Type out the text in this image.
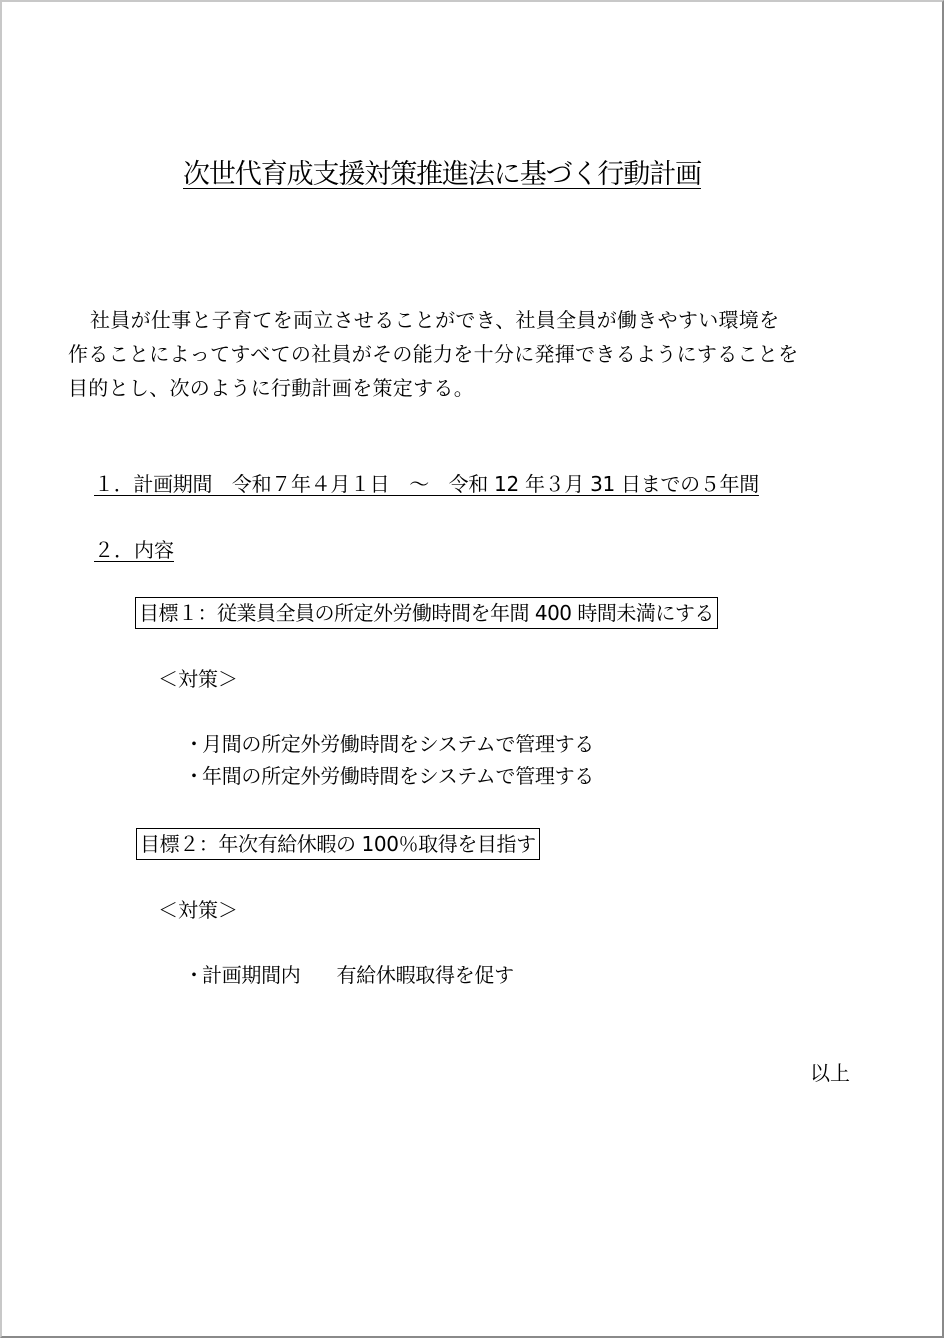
次世代育成支援対策推進法に基づく行動計画
社員が仕事と子育てを両立させることができ、社員全員が働きやすい環境を
作ることによってすべての社員がその能力を十分に発揮できるようにすることを
目的とし、次のように行動計画を策定する。
１．計画期間　令和７年４月１日　～　令和 12 年３月 31 日までの５年間
２．内容
目標１：従業員全員の所定外労働時間を年間 400 時間未満にする
＜対策＞
・月間の所定外労働時間をシステムで管理する
・年間の所定外労働時間をシステムで管理する
目標２：年次有給休暇の 100％取得を目指す
＜対策＞
・計画期間内 有給休暇取得を促す
以上
